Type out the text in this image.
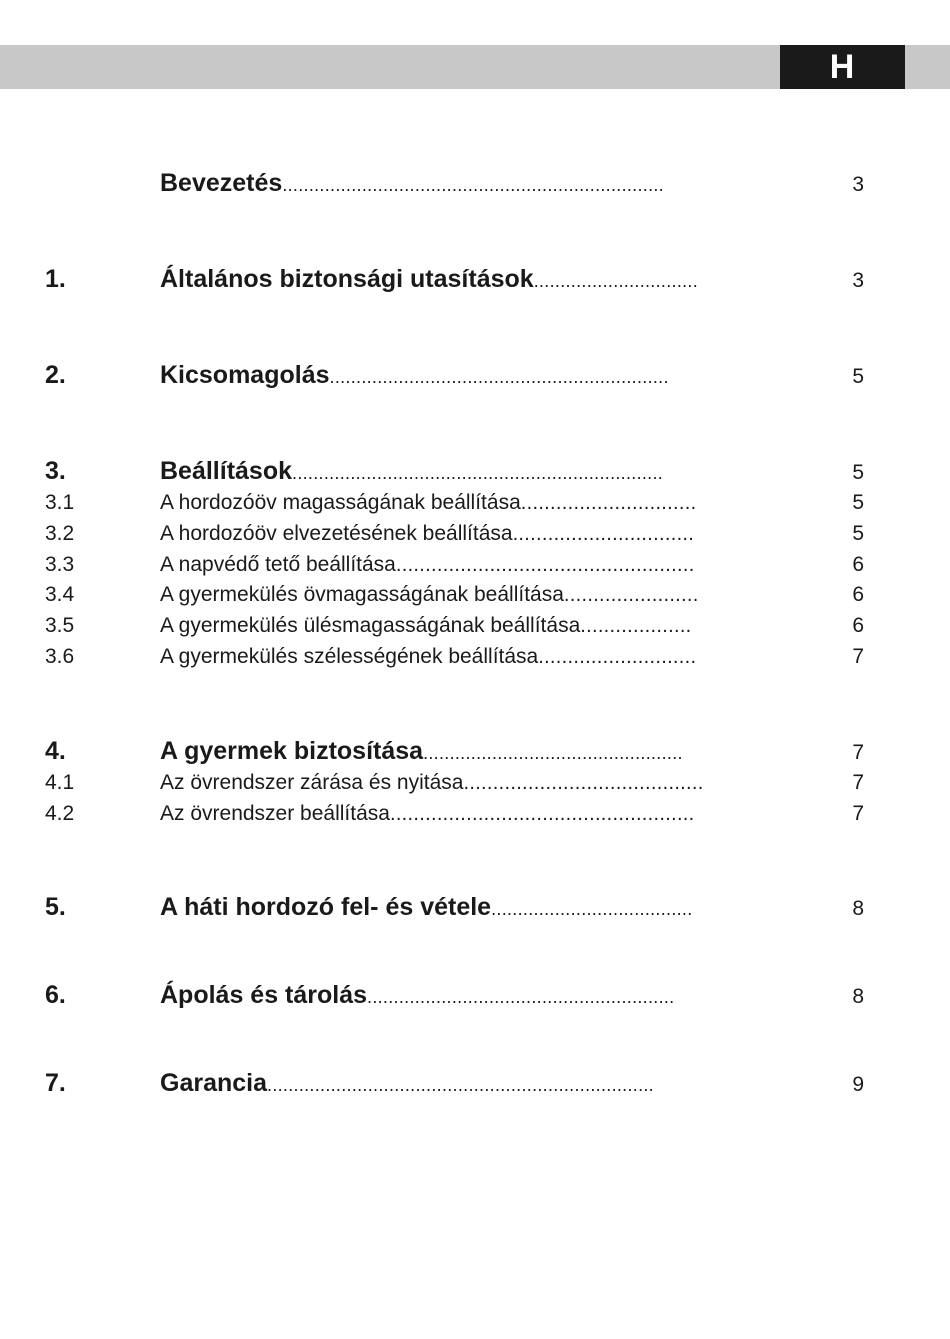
H
Bevezetés........................................................................	3
1.	Általános biztonsági utasítások...............................	3
2.	Kicsomagolás................................................................	5
3.	Beállítások......................................................................	5
3.1	A hordozóöv magasságának beállítása..............................	5
3.2	A hordozóöv elvezetésének beállítása...............................	5
3.3	A napvédő tető beállítása...................................................	6
3.4	A gyermekülés övmagasságának beállítása.......................	6
3.5	A gyermekülés ülésmagasságának beállítása...................	6
3.6	A gyermekülés szélességének beállítása...........................	7
4.	A gyermek biztosítása.................................................	7
4.1	Az övrendszer zárása és nyitása.........................................	7
4.2	Az övrendszer beállítása....................................................	7
5.	A háti hordozó fel- és vétele......................................	8
6.	Ápolás és tárolás..........................................................	8
7.	Garancia.........................................................................	9
